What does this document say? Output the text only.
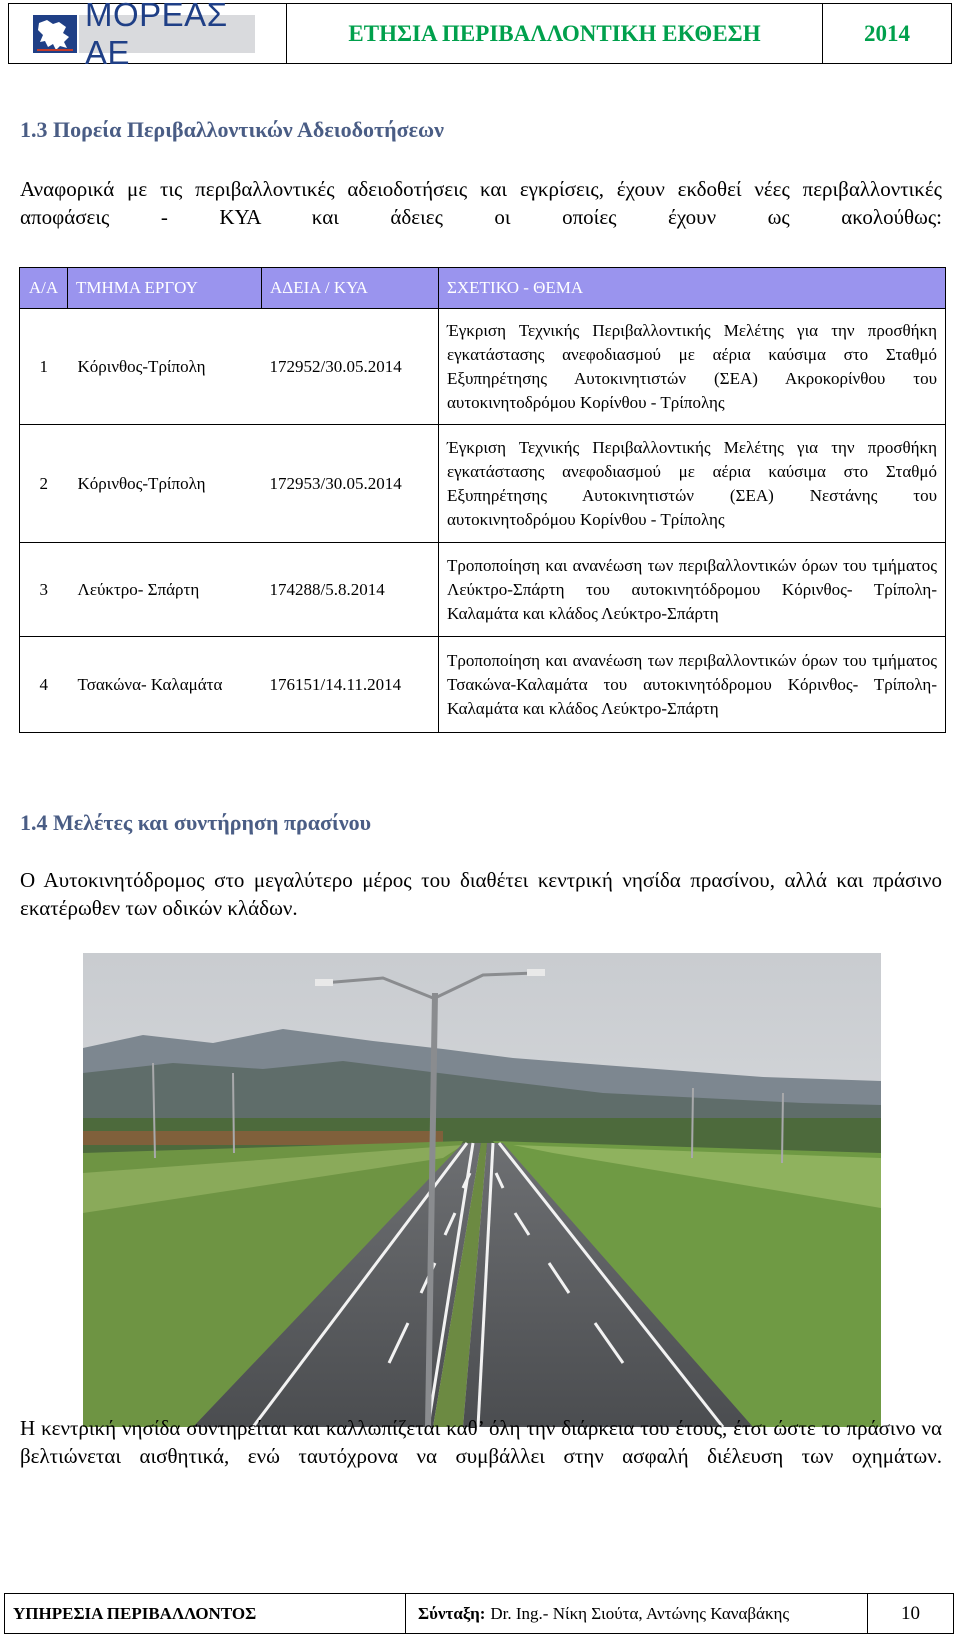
ΜΟΡΕΑΣ ΑΕ
ΕΤΗΣΙΑ ΠΕΡΙΒΑΛΛΟΝΤΙΚΗ ΕΚΘΕΣΗ	2014
1.3 Πορεία Περιβαλλοντικών Αδειοδοτήσεων
Αναφορικά με τις περιβαλλοντικές αδειοδοτήσεις και εγκρίσεις, έχουν εκδοθεί νέες περιβαλλοντικές αποφάσεις - ΚΥΑ και άδειες οι οποίες έχουν ως ακολούθως:
Α/Α	ΤΜΗΜΑ ΕΡΓΟΥ	ΑΔΕΙΑ / ΚΥΑ	ΣΧΕΤΙΚΟ - ΘΕΜΑ
1	Κόρινθος-Τρίπολη	172952/30.05.2014	Έγκριση Τεχνικής Περιβαλλοντικής Μελέτης για την προσθήκη εγκατάστασης ανεφοδιασμού με αέρια καύσιμα στο Σταθμό Εξυπηρέτησης Αυτοκινητιστών (ΣΕΑ) Ακροκορίνθου του αυτοκινητοδρόμου Κορίνθου - Τρίπολης
2	Κόρινθος-Τρίπολη	172953/30.05.2014	Έγκριση Τεχνικής Περιβαλλοντικής Μελέτης για την προσθήκη εγκατάστασης ανεφοδιασμού με αέρια καύσιμα στο Σταθμό Εξυπηρέτησης Αυτοκινητιστών (ΣΕΑ) Νεστάνης του αυτοκινητοδρόμου Κορίνθου - Τρίπολης
3	Λεύκτρο- Σπάρτη	174288/5.8.2014	Τροποποίηση και ανανέωση των περιβαλλοντικών όρων του τμήματος Λεύκτρο-Σπάρτη του αυτοκινητόδρομου Κόρινθος- Τρίπολη-Καλαμάτα και κλάδος Λεύκτρο-Σπάρτη
4	Τσακώνα- Καλαμάτα	176151/14.11.2014	Τροποποίηση και ανανέωση των περιβαλλοντικών όρων του τμήματος Τσακώνα-Καλαμάτα του αυτοκινητόδρομου Κόρινθος- Τρίπολη-Καλαμάτα και κλάδος Λεύκτρο-Σπάρτη
1.4 Μελέτες και συντήρηση πρασίνου
Ο Αυτοκινητόδρομος στο μεγαλύτερο μέρος του διαθέτει κεντρική νησίδα πρασίνου, αλλά και πράσινο εκατέρωθεν των οδικών κλάδων.
Η κεντρική νησίδα συντηρείται και καλλωπίζεται καθ’ όλη την διάρκεια του έτους, έτσι ώστε το πράσινο να βελτιώνεται αισθητικά, ενώ ταυτόχρονα να συμβάλλει στην ασφαλή διέλευση των οχημάτων.
ΥΠΗΡΕΣΙΑ ΠΕΡΙΒΑΛΛΟΝΤΟΣ	Σύνταξη: Dr. Ing.- Νίκη Σιούτα, Αντώνης Καναβάκης	10
